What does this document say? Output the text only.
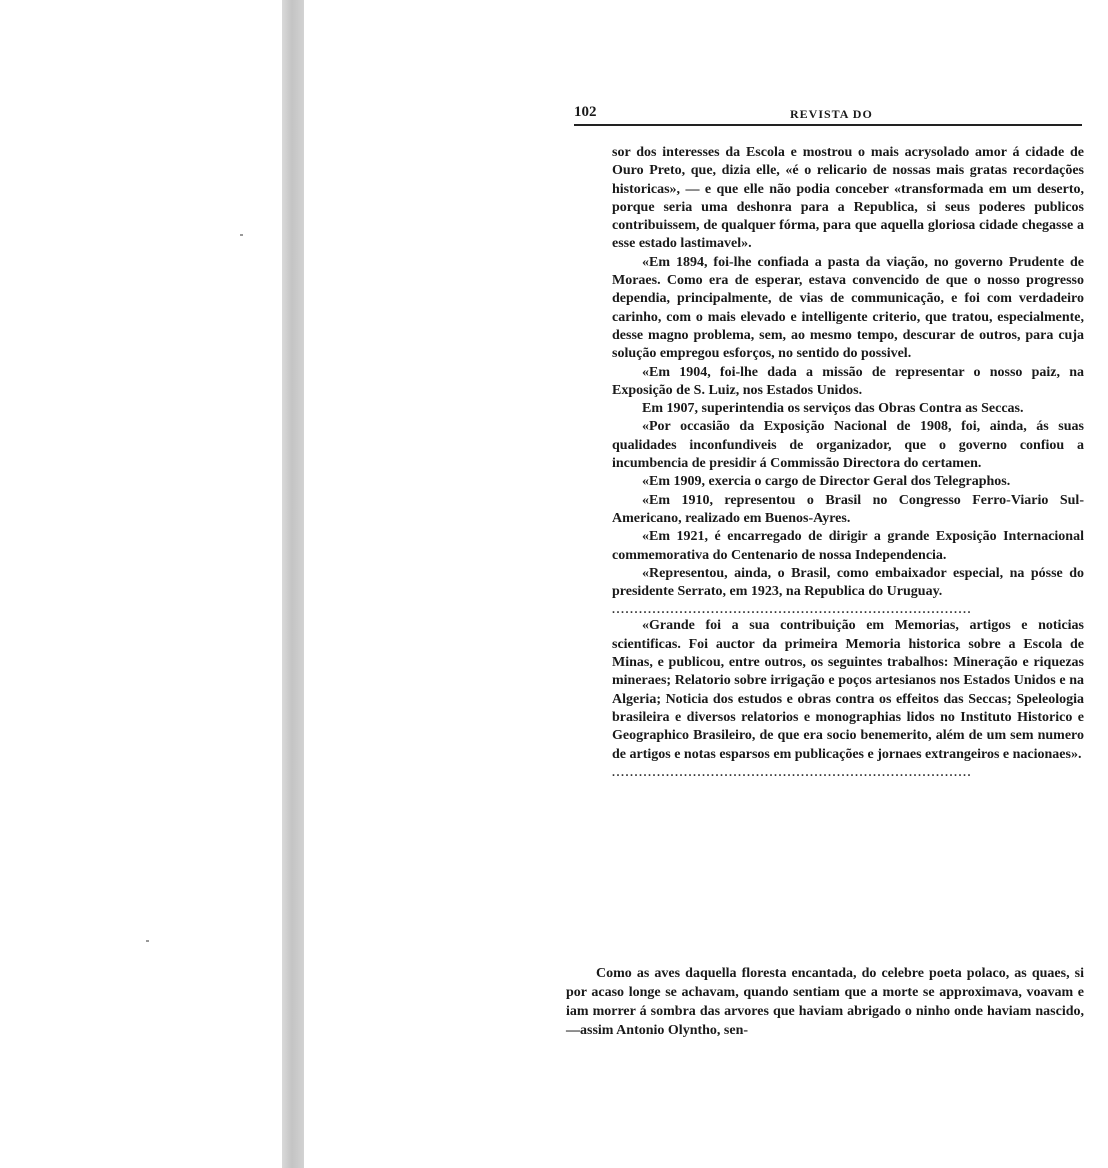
102	REVISTA DO

sor dos interesses da Escola e mostrou o mais acrysolado amor á cidade de Ouro Preto, que, dizia elle, «é o relicario de nossas mais gratas recordações historicas», — e que elle não podia conceber «transformada em um deserto, porque seria uma deshonra para a Republica, si seus poderes publicos contribuissem, de qualquer fórma, para que aquella gloriosa cidade chegasse a esse estado lastimavel».

«Em 1894, foi-lhe confiada a pasta da viação, no governo Prudente de Moraes. Como era de esperar, estava convencido de que o nosso progresso dependia, principalmente, de vias de communicação, e foi com verdadeiro carinho, com o mais elevado e intelligente criterio, que tratou, especialmente, desse magno problema, sem, ao mesmo tempo, descurar de outros, para cuja solução empregou esforços, no sentido do possivel.

«Em 1904, foi-lhe dada a missão de representar o nosso paiz, na Exposição de S. Luiz, nos Estados Unidos.

Em 1907, superintendia os serviços das Obras Contra as Seccas.

«Por occasião da Exposição Nacional de 1908, foi, ainda, ás suas qualidades inconfundiveis de organizador, que o governo confiou a incumbencia de presidir á Commissão Directora do certamen.

«Em 1909, exercia o cargo de Director Geral dos Telegraphos.

«Em 1910, representou o Brasil no Congresso Ferro-Viario Sul-Americano, realizado em Buenos-Ayres.

«Em 1921, é encarregado de dirigir a grande Exposição Internacional commemorativa do Centenario de nossa Independencia.

«Representou, ainda, o Brasil, como embaixador especial, na pósse do presidente Serrato, em 1923, na Republica do Uruguay.

................................................................................

«Grande foi a sua contribuição em Memorias, artigos e noticias scientificas. Foi auctor da primeira Memoria historica sobre a Escola de Minas, e publicou, entre outros, os seguintes trabalhos: Mineração e riquezas mineraes; Relatorio sobre irrigação e poços artesianos nos Estados Unidos e na Algeria; Noticia dos estudos e obras contra os effeitos das Seccas; Speleologia brasileira e diversos relatorios e monographias lidos no Instituto Historico e Geographico Brasileiro, de que era socio benemerito, além de um sem numero de artigos e notas esparsos em publicações e jornaes extrangeiros e nacionaes».

................................................................................

Como as aves daquella floresta encantada, do celebre poeta polaco, as quaes, si por acaso longe se achavam, quando sentiam que a morte se approximava, voavam e iam morrer á sombra das arvores que haviam abrigado o ninho onde haviam nascido, —assim Antonio Olyntho, sen-
